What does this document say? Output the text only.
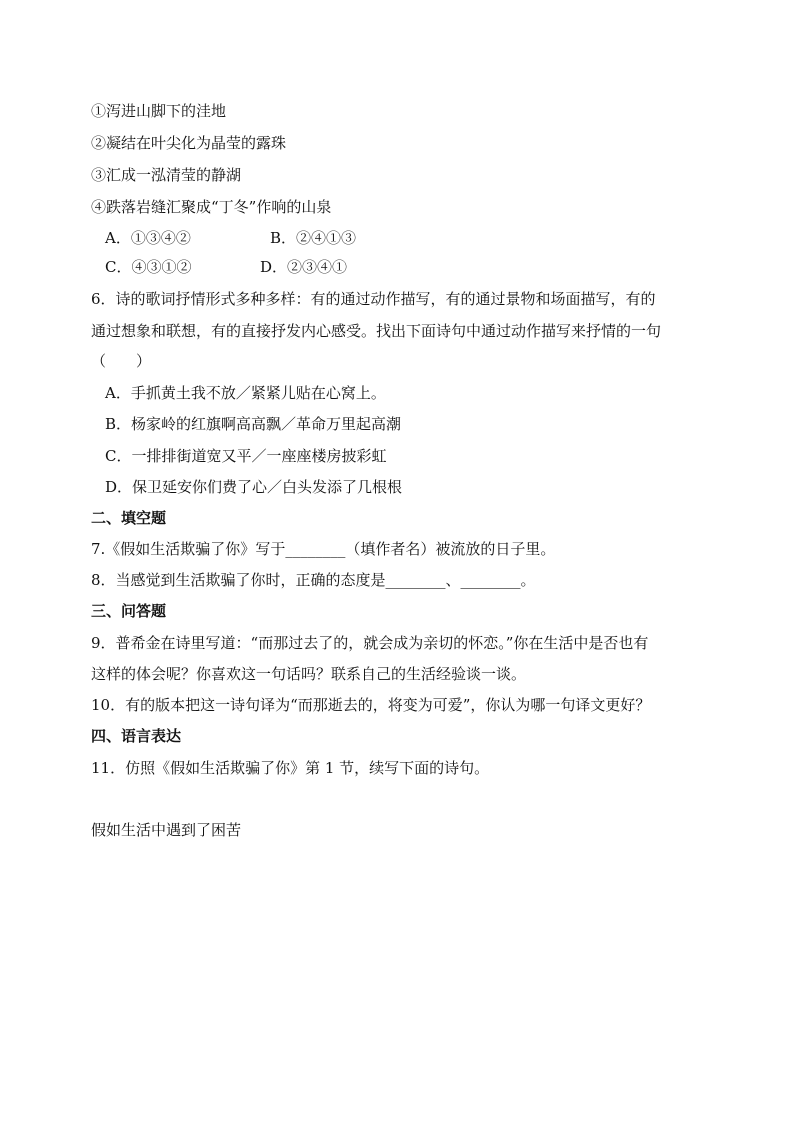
①泻进山脚下的洼地
②凝结在叶尖化为晶莹的露珠
③汇成一泓清莹的静湖
④跌落岩缝汇聚成“丁冬”作响的山泉
A．①③④②	B．②④①③
C．④③①②	D．②③④①
6．诗的歌词抒情形式多种多样：有的通过动作描写，有的通过景物和场面描写，有的
通过想象和联想，有的直接抒发内心感受。找出下面诗句中通过动作描写来抒情的一句
（　　）
A．手抓黄土我不放／紧紧儿贴在心窝上。
B．杨家岭的红旗啊高高飘／革命万里起高潮
C．一排排街道宽又平／一座座楼房披彩虹
D．保卫延安你们费了心／白头发添了几根根
二、填空题
7.《假如生活欺骗了你》写于________（填作者名）被流放的日子里。
8．当感觉到生活欺骗了你时，正确的态度是________、________。
三、问答题
9．普希金在诗里写道：“而那过去了的，就会成为亲切的怀恋。”你在生活中是否也有
这样的体会呢？你喜欢这一句话吗？联系自己的生活经验谈一谈。
10．有的版本把这一诗句译为“而那逝去的，将变为可爱”，你认为哪一句译文更好？
四、语言表达
11．仿照《假如生活欺骗了你》第 1 节，续写下面的诗句。
假如生活中遇到了困苦
